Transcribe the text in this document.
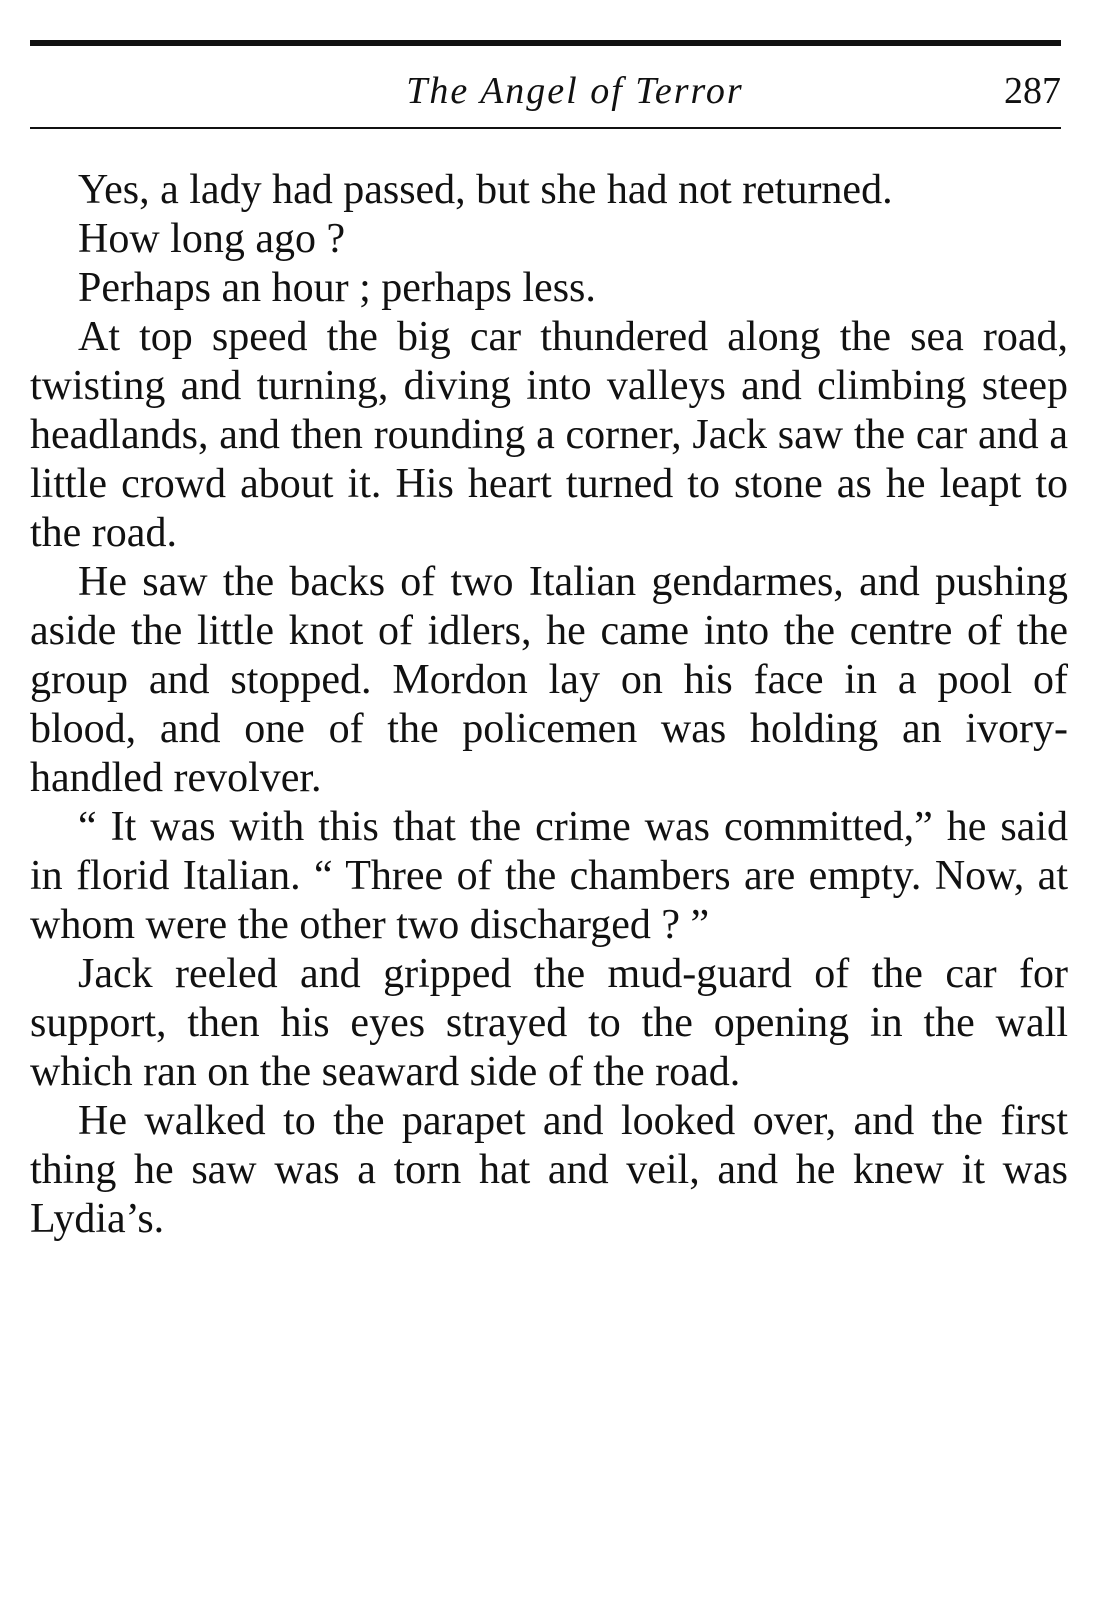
The Angel of Terror	287

Yes, a lady had passed, but she had not returned.

How long ago ?

Perhaps an hour ; perhaps less.

At top speed the big car thundered along the sea road, twisting and turning, diving into valleys and climbing steep headlands, and then rounding a corner, Jack saw the car and a little crowd about it. His heart turned to stone as he leapt to the road.

He saw the backs of two Italian gendarmes, and pushing aside the little knot of idlers, he came into the centre of the group and stopped. Mordon lay on his face in a pool of blood, and one of the policemen was holding an ivory-handled revolver.

“ It was with this that the crime was committed,” he said in florid Italian. “ Three of the chambers are empty. Now, at whom were the other two discharged ? ”

Jack reeled and gripped the mud-guard of the car for support, then his eyes strayed to the opening in the wall which ran on the seaward side of the road.

He walked to the parapet and looked over, and the first thing he saw was a torn hat and veil, and he knew it was Lydia’s.
